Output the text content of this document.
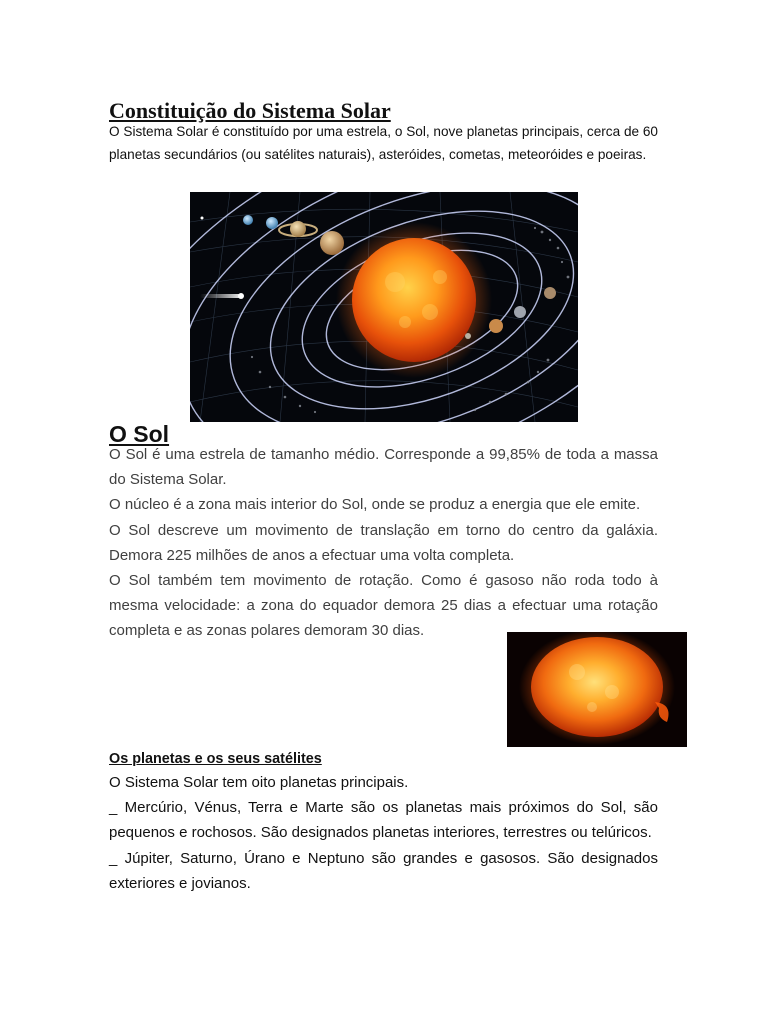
Constituição do Sistema Solar

O Sistema Solar é constituído por uma estrela, o Sol, nove planetas principais, cerca de 60 planetas secundários (ou satélites naturais), asteróides, cometas, meteoróides e poeiras.

O Sol

O Sol é uma estrela de tamanho médio. Corresponde a 99,85% de toda a massa do Sistema Solar.

O núcleo é a zona mais interior do Sol, onde se produz a energia que ele emite.

O Sol descreve um movimento de translação em torno do centro da galáxia. Demora 225 milhões de anos a efectuar uma volta completa.

O Sol também tem movimento de rotação. Como é gasoso não roda todo à mesma velocidade: a zona do equador demora 25 dias a efectuar uma rotação completa e as zonas polares demoram 30 dias.

Os planetas e os seus satélites

O Sistema Solar tem oito planetas principais.

_ Mercúrio, Vénus, Terra e Marte são os planetas mais próximos do Sol, são pequenos e rochosos. São designados planetas interiores, terrestres ou telúricos.

_ Júpiter, Saturno, Úrano e Neptuno são grandes e gasosos. São designados exteriores e jovianos.
